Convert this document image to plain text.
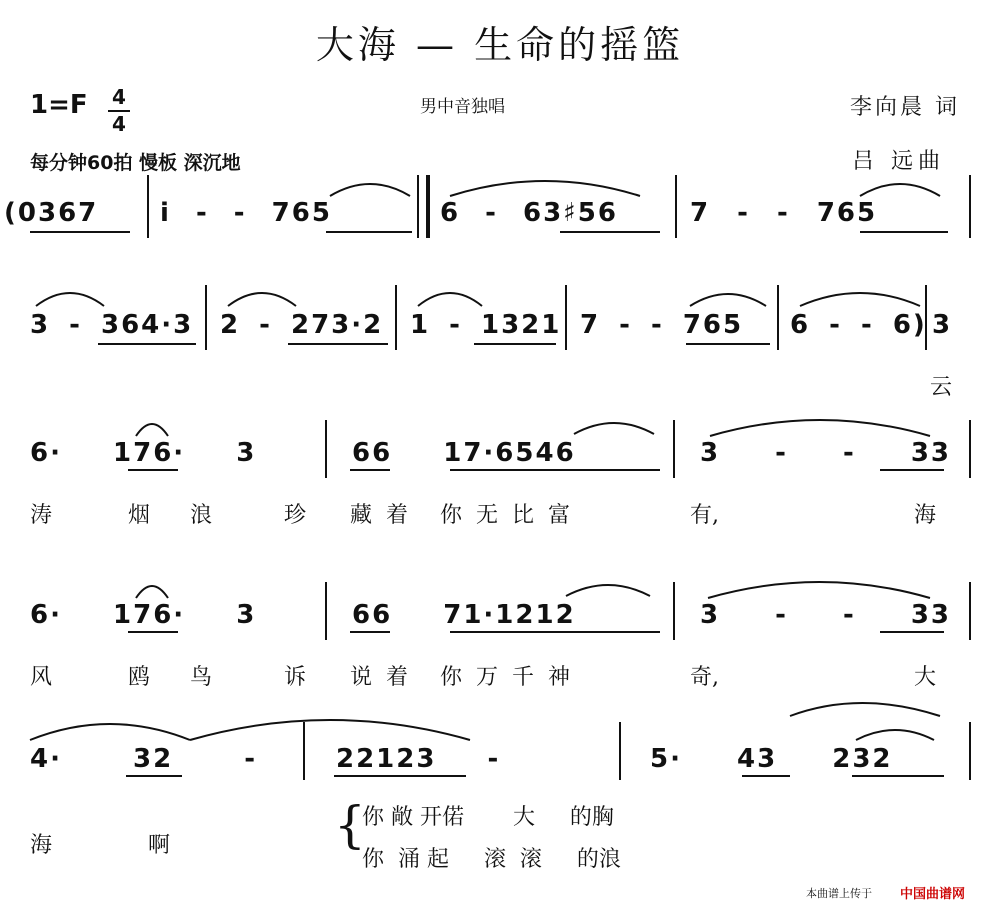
大海 — 生命的摇篮
1=F 4
4
男中音独唱	李向晨 词
吕 远曲
每分钟60拍 慢板 深沉地
(0367 i - - 765	6 - 63♯56	7 - - 765
3 - 364·3 2 - 273·2 1 - 1321 7 - - 765 6 - - 6) 3
云
6· 176· 3	66 17·6546	3 - - 33
涛	烟 浪	珍 藏着 你无比富	有,	海
6· 176· 3	66 71·1212	3 - - 33
风	鸥 鸟	诉 说着 你万千神	奇,	大
4· 32 -	22123 -	5· 43 232
海	啊	{
你 敞 开偌       大     的胸
你  涌 起     滚  滚     的浪
本曲谱上传于 中国曲谱网
